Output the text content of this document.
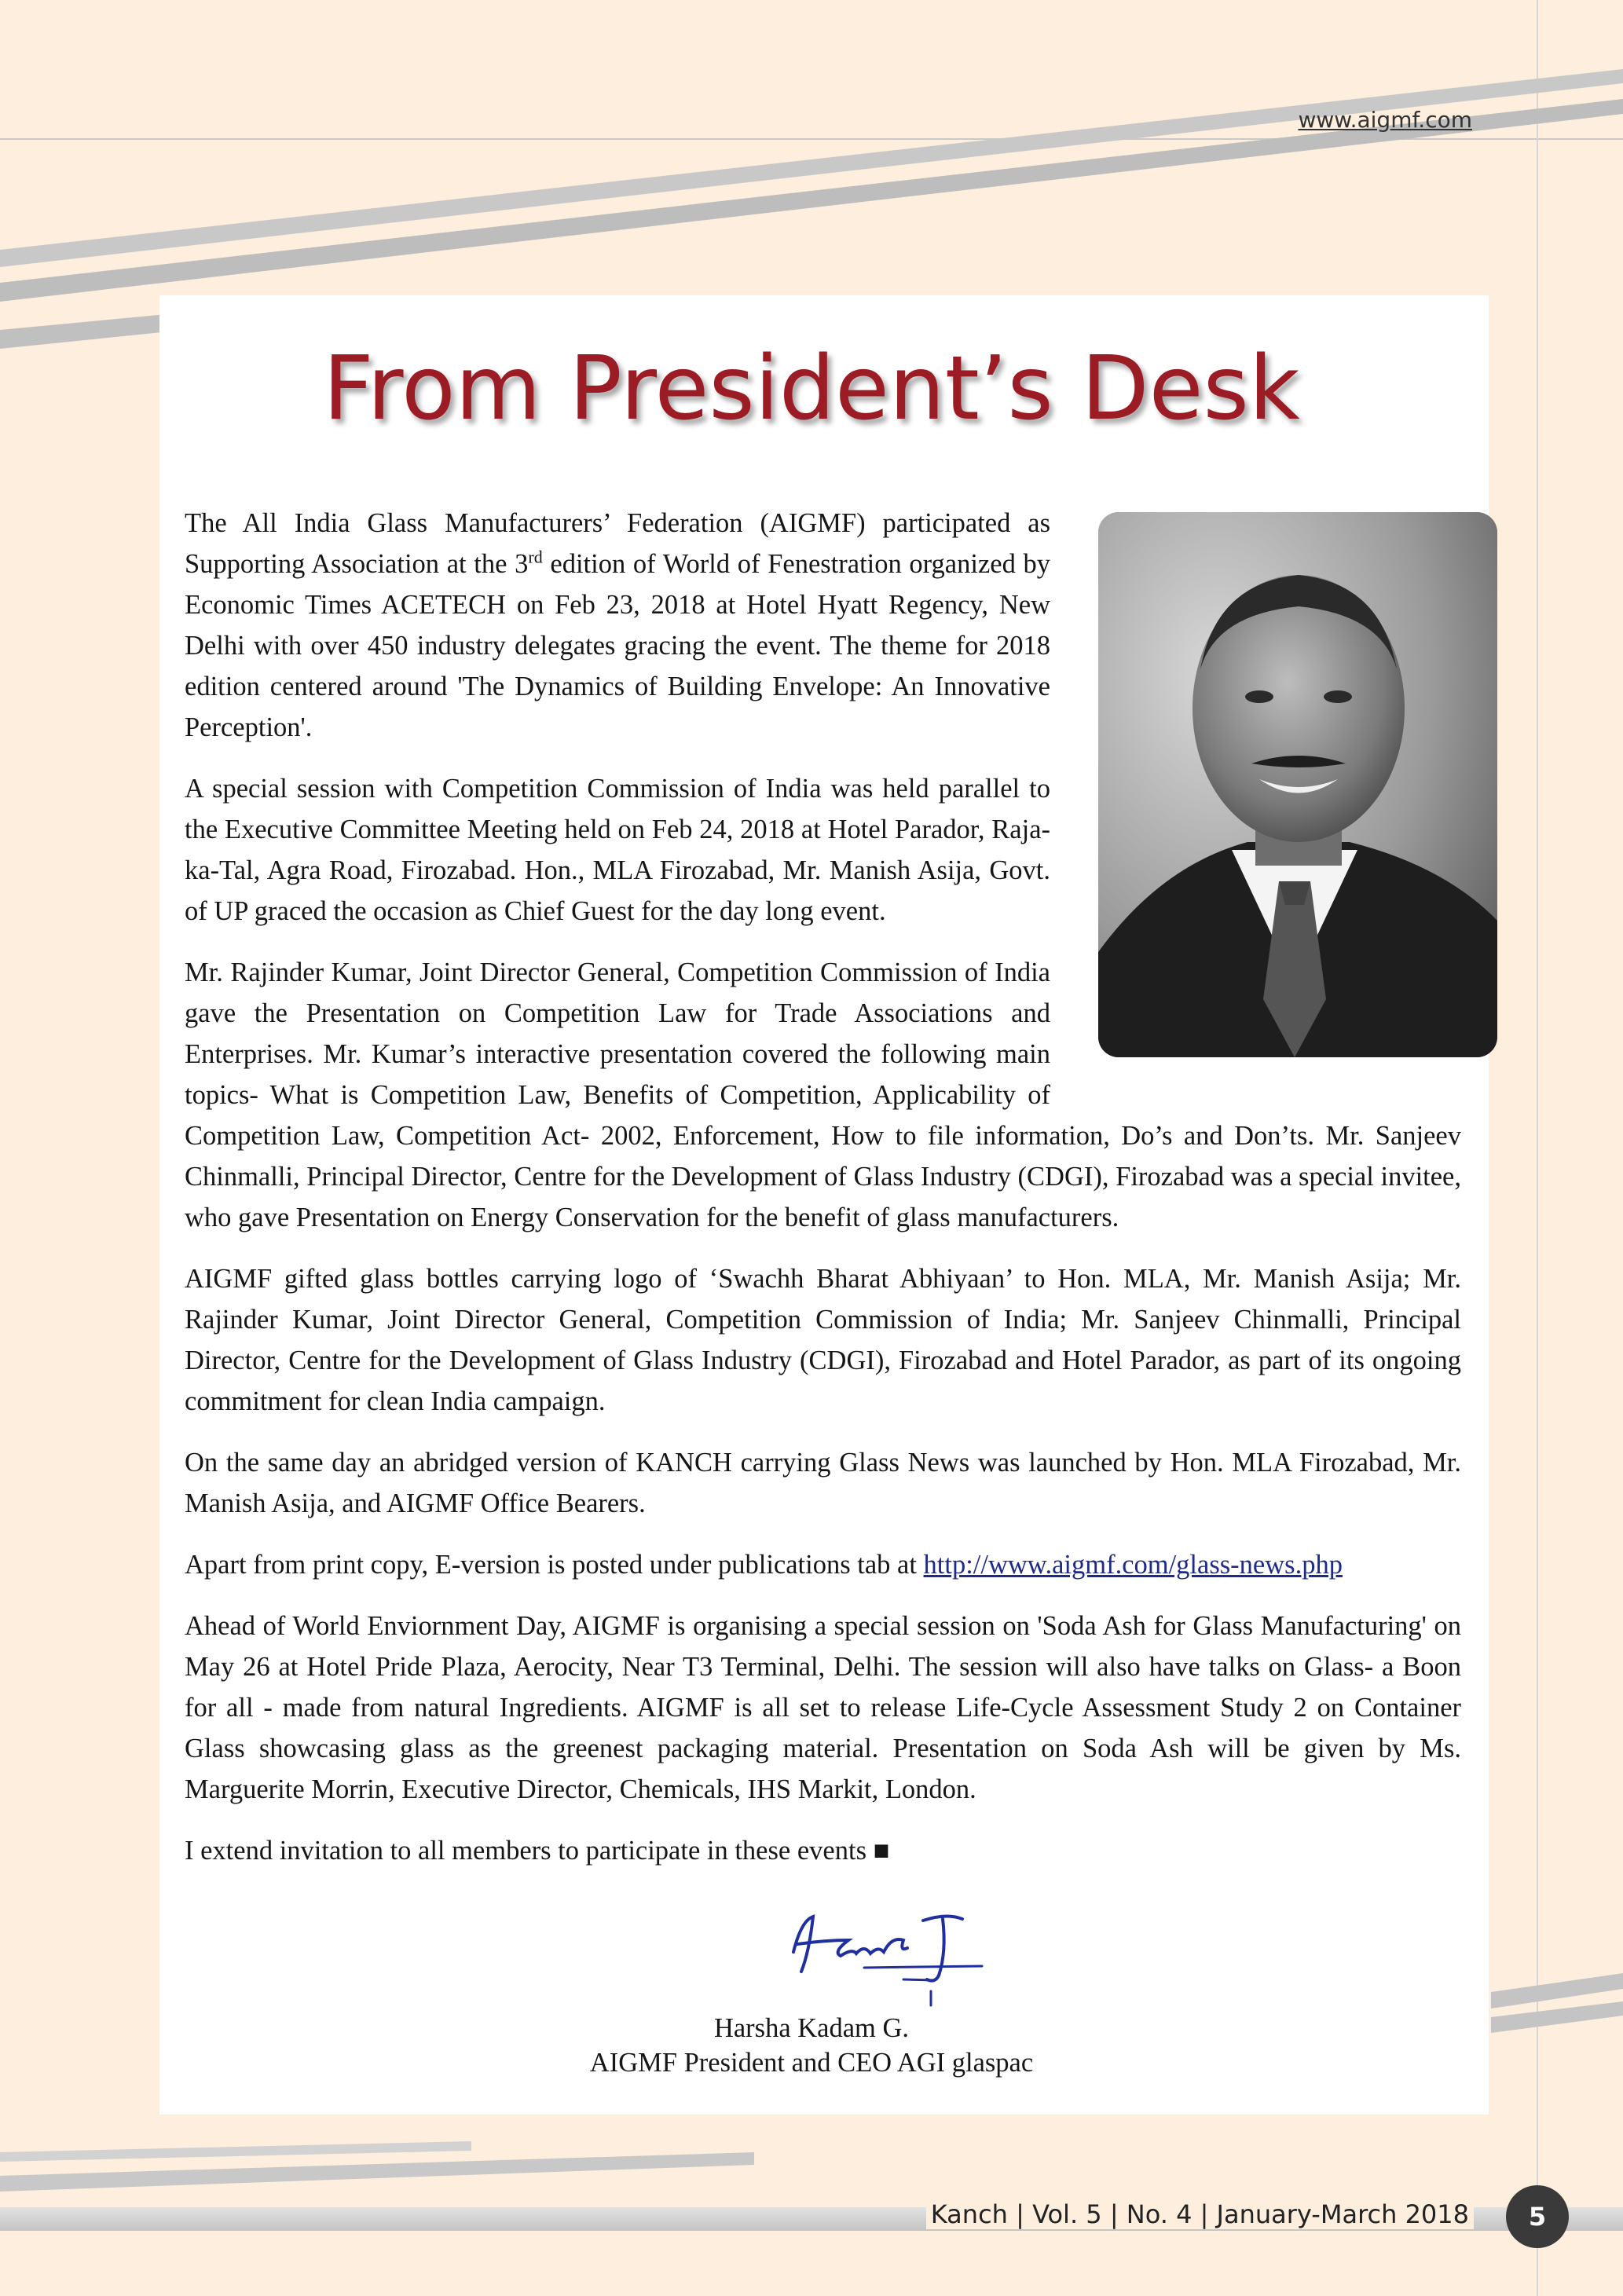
www.aigmf.com
From President’s Desk

The All India Glass Manufacturers’ Federation (AIGMF) participated as Supporting Association at the 3rd edition of World of Fenestration organized by Economic Times ACETECH on Feb 23, 2018 at Hotel Hyatt Regency, New Delhi with over 450 industry delegates gracing the event. The theme for 2018 edition centered around 'The Dynamics of Building Envelope: An Innovative Perception'.

A special session with Competition Commission of India was held parallel to the Executive Committee Meeting held on Feb 24, 2018 at Hotel Parador, Raja-ka-Tal, Agra Road, Firozabad. Hon., MLA Firozabad, Mr. Manish Asija, Govt. of UP graced the occasion as Chief Guest for the day long event.

Mr. Rajinder Kumar, Joint Director General, Competition Commission of India gave the Presentation on Competition Law for Trade Associations and Enterprises. Mr. Kumar’s interactive presentation covered the following main topics- What is Competition Law, Benefits of Competition, Applicability of Competition Law, Competition Act- 2002, Enforcement, How to file information, Do’s and Don’ts. Mr. Sanjeev Chinmalli, Principal Director, Centre for the Development of Glass Industry (CDGI), Firozabad was a special invitee, who gave Presentation on Energy Conservation for the benefit of glass manufacturers.

AIGMF gifted glass bottles carrying logo of ‘Swachh Bharat Abhiyaan’ to Hon. MLA, Mr. Manish Asija; Mr. Rajinder Kumar, Joint Director General, Competition Commission of India; Mr. Sanjeev Chinmalli, Principal Director, Centre for the Development of Glass Industry (CDGI), Firozabad and Hotel Parador, as part of its ongoing commitment for clean India campaign.

On the same day an abridged version of KANCH carrying Glass News was launched by Hon. MLA Firozabad, Mr. Manish Asija, and AIGMF Office Bearers.

Apart from print copy, E-version is posted under publications tab at http://www.aigmf.com/glass-news.php

Ahead of World Enviornment Day, AIGMF is organising a special session on 'Soda Ash for Glass Manufacturing' on May 26 at Hotel Pride Plaza, Aerocity, Near T3 Terminal, Delhi. The session will also have talks on Glass- a Boon for all - made from natural Ingredients. AIGMF is all set to release Life-Cycle Assessment Study 2 on Container Glass showcasing glass as the greenest packaging material. Presentation on Soda Ash will be given by Ms. Marguerite Morrin, Executive Director, Chemicals, IHS Markit, London.

I extend invitation to all members to participate in these events ■

Harsha Kadam G.
AIGMF President and CEO AGI glaspac
Kanch | Vol. 5 | No. 4 | January-March 2018	5
